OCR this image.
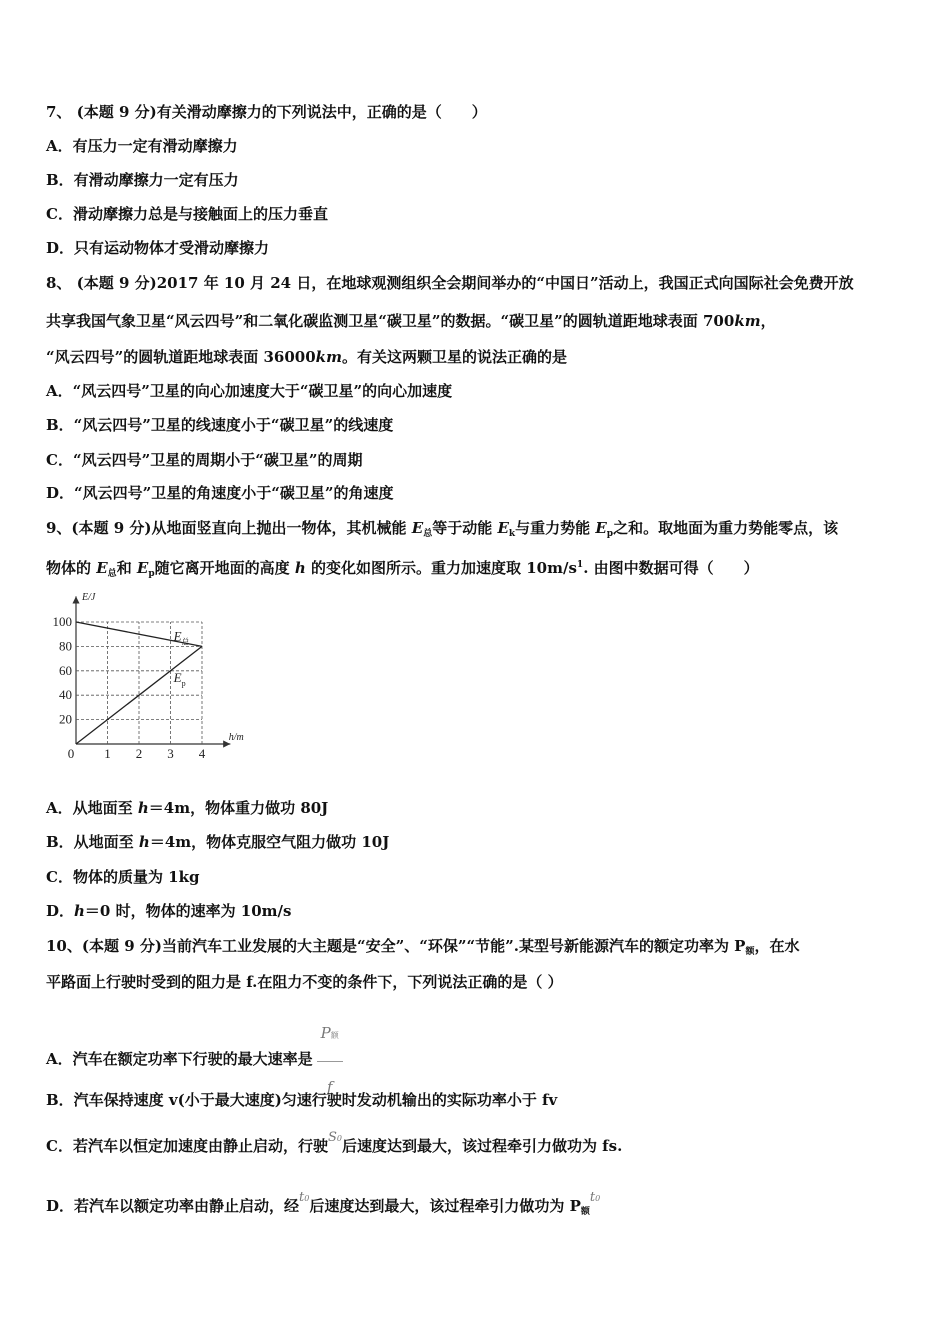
7、 (本题 9 分)有关滑动摩擦力的下列说法中，正确的是（　　）
A．有压力一定有滑动摩擦力
B．有滑动摩擦力一定有压力
C．滑动摩擦力总是与接触面上的压力垂直
D．只有运动物体才受滑动摩擦力
8、 (本题 9 分)2017 年 10 月 24 日，在地球观测组织全会期间举办的“中国日”活动上，我国正式向国际社会免费开放
共享我国气象卫星“风云四号”和二氧化碳监测卫星“碳卫星”的数据。“碳卫星”的圆轨道距地球表面 700km，
“风云四号”的圆轨道距地球表面 36000km。有关这两颗卫星的说法正确的是
A．“风云四号”卫星的向心加速度大于“碳卫星”的向心加速度
B．“风云四号”卫星的线速度小于“碳卫星”的线速度
C．“风云四号”卫星的周期小于“碳卫星”的周期
D．“风云四号”卫星的角速度小于“碳卫星”的角速度
9、(本题 9 分)从地面竖直向上抛出一物体，其机械能 $E_总$等于动能 $E_k$与重力势能 $E_p$之和。取地面为重力势能零点，该
物体的 $E_总$和 $E_p$随它离开地面的高度 h 的变化如图所示。重力加速度取 $10m/s^1$. 由图中数据可得（　　）
20
40
60
80
100
0 1 2 3 4
E/J
h/m
$E_总$
$E_p$
A．从地面至 h＝4m，物体重力做功 80J
B．从地面至 h＝4m，物体克服空气阻力做功 10J
C．物体的质量为 1kg
D．h＝0 时，物体的速率为 10m/s
10、(本题 9 分)当前汽车工业发展的大主题是“安全”、“环保”“节能”.某型号新能源汽车的额定功率为 $P_额$，在水
平路面上行驶时受到的阻力是 f.在阻力不变的条件下，下列说法正确的是（ ）
A．汽车在额定功率下行驶的最大速率是 $\frac{\text{P额}}{f}$
B．汽车保持速度 v(小于最大速度)匀速行驶时发动机输出的实际功率小于 fv
C．若汽车以恒定加速度由静止启动，行驶S0后速度达到最大，该过程牵引力做功为 fs.
D．若汽车以额定功率由静止启动，经t0后速度达到最大，该过程牵引力做功为 $P_额t0$
